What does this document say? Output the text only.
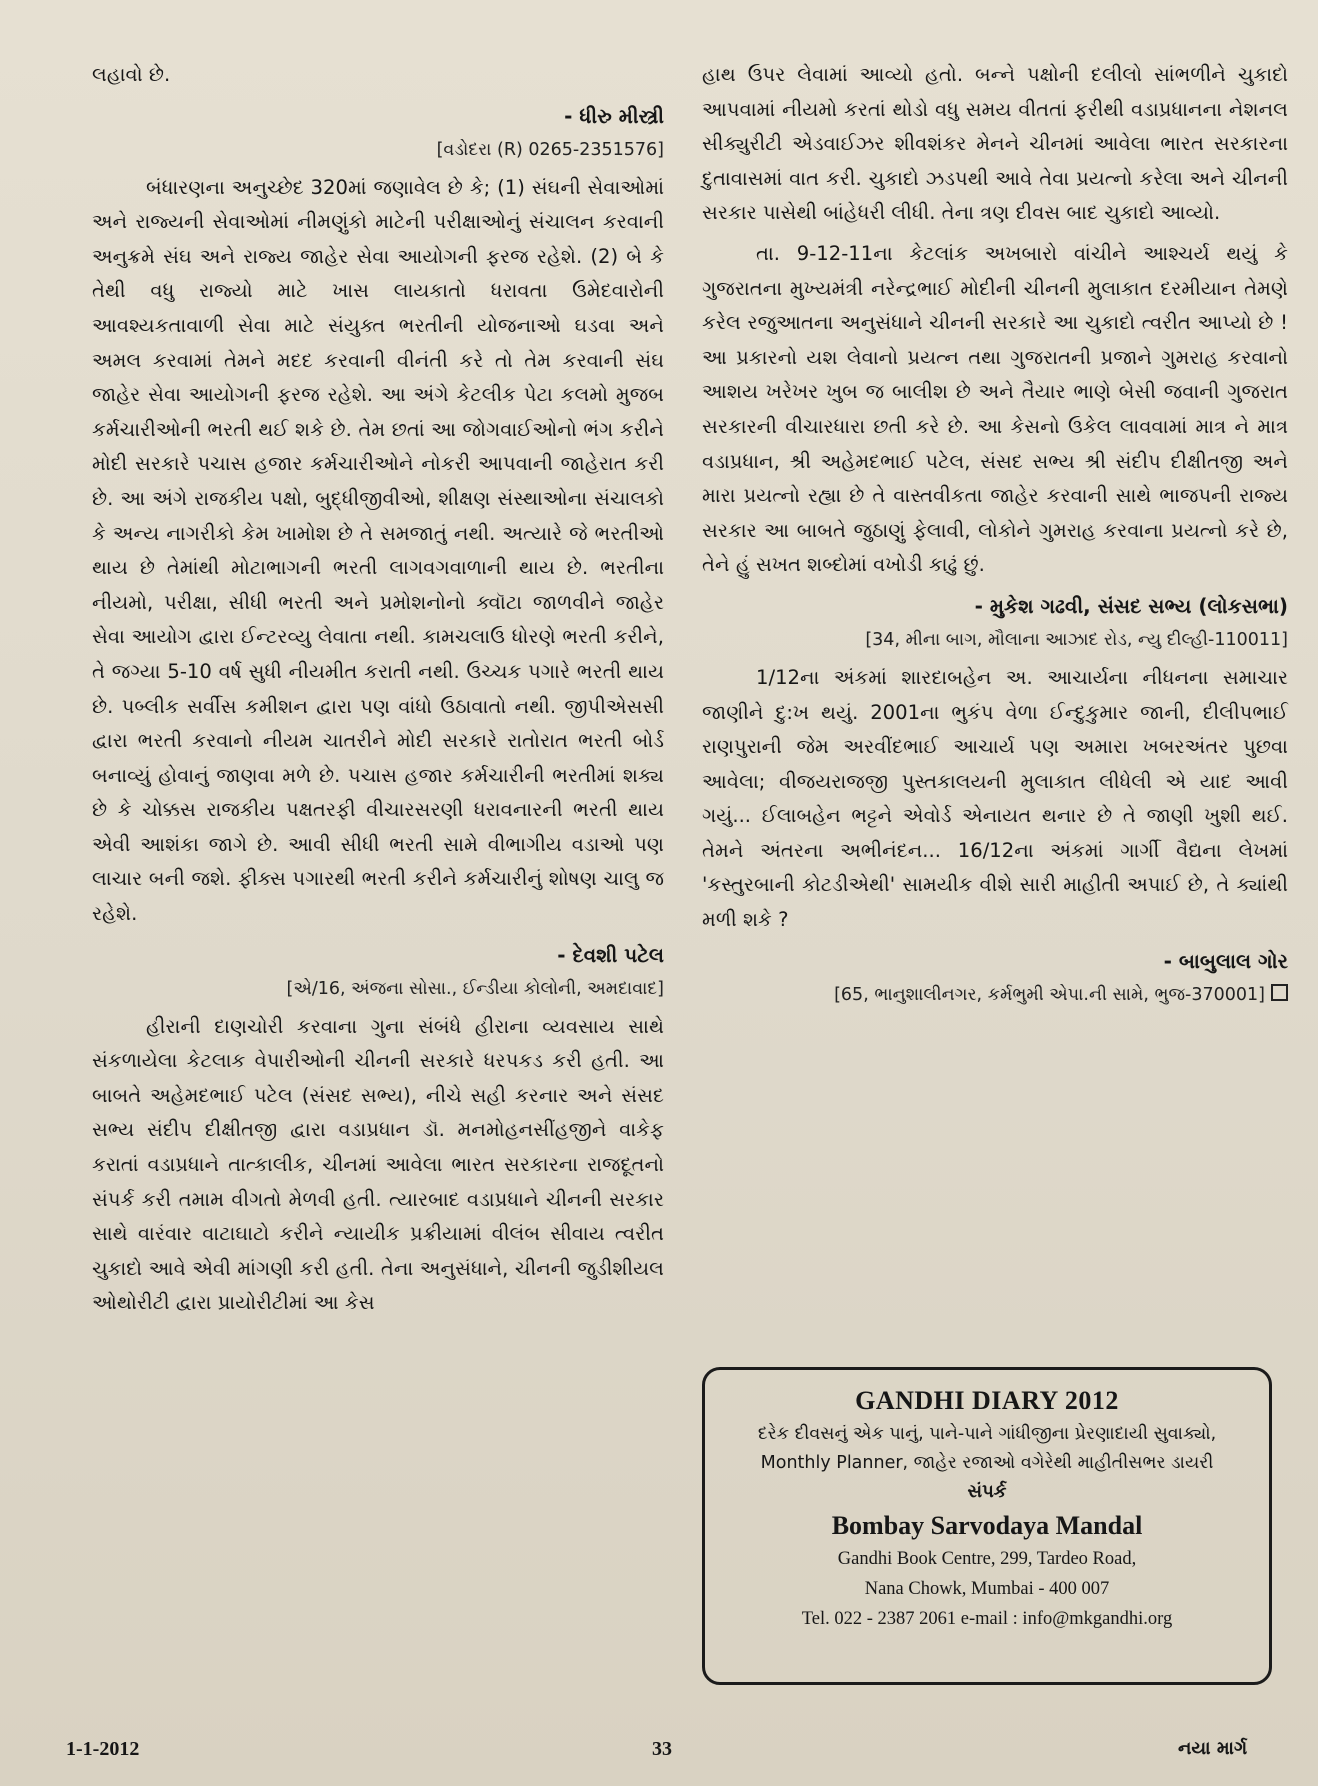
લહાવો છે.

- ધીરુ મીસ્ત્રી
[વડોદરા (R) 0265-2351576]

બંધારણના અનુચ્છેદ 320માં જણાવેલ છે કે; (1) સંઘની સેવાઓમાં અને રાજ્યની સેવાઓમાં નીમણુંકો માટેની પરીક્ષાઓનું સંચાલન કરવાની અનુક્રમે સંઘ અને રાજ્ય જાહેર સેવા આયોગની ફરજ રહેશે. (2) બે કે તેથી વધુ રાજ્યો માટે ખાસ લાયકાતો ધરાવતા ઉમેદવારોની આવશ્યકતાવાળી સેવા માટે સંયુક્ત ભરતીની યોજનાઓ ઘડવા અને અમલ કરવામાં તેમને મદદ કરવાની વીનંતી કરે તો તેમ કરવાની સંઘ જાહેર સેવા આયોગની ફરજ રહેશે. આ અંગે કેટલીક પેટા કલમો મુજબ કર્મચારીઓની ભરતી થઈ શકે છે. તેમ છતાં આ જોગવાઈઓનો ભંગ કરીને મોદી સરકારે પચાસ હજાર કર્મચારીઓને નોકરી આપવાની જાહેરાત કરી છે. આ અંગે રાજકીય પક્ષો, બુદ્ધીજીવીઓ, શીક્ષણ સંસ્થાઓના સંચાલકો કે અન્ય નાગરીકો કેમ ખામોશ છે તે સમજાતું નથી. અત્યારે જે ભરતીઓ થાય છે તેમાંથી મોટાભાગની ભરતી લાગવગવાળાની થાય છે. ભરતીના નીયમો, પરીક્ષા, સીધી ભરતી અને પ્રમોશનોનો ક્વૉટા જાળવીને જાહેર સેવા આયોગ દ્વારા ઈન્ટરવ્યુ લેવાતા નથી. કામચલાઉ ધોરણે ભરતી કરીને, તે જગ્યા 5-10 વર્ષ સુધી નીયમીત કરાતી નથી. ઉચ્ચક પગારે ભરતી થાય છે. પબ્લીક સર્વીસ કમીશન દ્વારા પણ વાંધો ઉઠાવાતો નથી. જીપીએસસી દ્વારા ભરતી કરવાનો નીયમ ચાતરીને મોદી સરકારે રાતોરાત ભરતી બોર્ડ બનાવ્યું હોવાનું જાણવા મળે છે. પચાસ હજાર કર્મચારીની ભરતીમાં શક્ય છે કે ચોક્કસ રાજકીય પક્ષતરફી વીચારસરણી ધરાવનારની ભરતી થાય એવી આશંકા જાગે છે. આવી સીધી ભરતી સામે વીભાગીય વડાઓ પણ લાચાર બની જશે. ફીક્સ પગારથી ભરતી કરીને કર્મચારીનું શોષણ ચાલુ જ રહેશે.

- દેવશી પટેલ
[એ/16, અંજના સોસા., ઈન્ડીયા કોલોની, અમદાવાદ]

હીરાની દાણચોરી કરવાના ગુના સંબંધે હીરાના વ્યવસાય સાથે સંકળાયેલા કેટલાક વેપારીઓની ચીનની સરકારે ધરપકડ કરી હતી. આ બાબતે અહેમદભાઈ પટેલ (સંસદ સભ્ય), નીચે સહી કરનાર અને સંસદ સભ્ય સંદીપ દીક્ષીતજી દ્વારા વડાપ્રધાન ડૉ. મનમોહનસીંહજીને વાકેફ કરાતાં વડાપ્રધાને તાત્કાલીક, ચીનમાં આવેલા ભારત સરકારના રાજદૂતનો સંપર્ક કરી તમામ વીગતો મેળવી હતી. ત્યારબાદ વડાપ્રધાને ચીનની સરકાર સાથે વારંવાર વાટાઘાટો કરીને ન્યાયીક પ્રક્રીયામાં વીલંબ સીવાય ત્વરીત ચુકાદો આવે એવી માંગણી કરી હતી. તેના અનુસંધાને, ચીનની જુડીશીયલ ઓથોરીટી દ્વારા પ્રાયોરીટીમાં આ કેસ

હાથ ઉપર લેવામાં આવ્યો હતો. બન્ને પક્ષોની દલીલો સાંભળીને ચુકાદો આપવામાં નીયમો કરતાં થોડો વધુ સમય વીતતાં ફરીથી વડાપ્રધાનના નેશનલ સીક્યુરીટી એડવાઈઝર શીવશંકર મેનને ચીનમાં આવેલા ભારત સરકારના દુતાવાસમાં વાત કરી. ચુકાદો ઝડપથી આવે તેવા પ્રયત્નો કરેલા અને ચીનની સરકાર પાસેથી બાંહેધરી લીધી. તેના ત્રણ દીવસ બાદ ચુકાદો આવ્યો.

તા. 9-12-11ના કેટલાંક અખબારો વાંચીને આશ્ચર્ય થયું કે ગુજરાતના મુખ્યમંત્રી નરેન્દ્રભાઈ મોદીની ચીનની મુલાકાત દરમીયાન તેમણે કરેલ રજુઆતના અનુસંધાને ચીનની સરકારે આ ચુકાદો ત્વરીત આપ્યો છે ! આ પ્રકારનો યશ લેવાનો પ્રયત્ન તથા ગુજરાતની પ્રજાને ગુમરાહ કરવાનો આશય ખરેખર ખુબ જ બાલીશ છે અને તૈયાર ભાણે બેસી જવાની ગુજરાત સરકારની વીચારધારા છતી કરે છે. આ કેસનો ઉકેલ લાવવામાં માત્ર ને માત્ર વડાપ્રધાન, શ્રી અહેમદભાઈ પટેલ, સંસદ સભ્ય શ્રી સંદીપ દીક્ષીતજી અને મારા પ્રયત્નો રહ્યા છે તે વાસ્તવીકતા જાહેર કરવાની સાથે ભાજપની રાજ્ય સરકાર આ બાબતે જુઠાણું ફેલાવી, લોકોને ગુમરાહ કરવાના પ્રયત્નો કરે છે, તેને હું સખત શબ્દોમાં વખોડી કાઢું છું.

- મુકેશ ગઢવી, સંસદ સભ્ય (લોકસભા)
[34, મીના બાગ, મૌલાના આઝાદ રોડ, ન્યુ દીલ્હી-110011]

1/12ના અંકમાં શારદાબહેન અ. આચાર્યના નીધનના સમાચાર જાણીને દુ:ખ થયું. 2001ના ભુકંપ વેળા ઈન્દુકુમાર જાની, દીલીપભાઈ રાણપુરાની જેમ અરવીંદભાઈ આચાર્ય પણ અમારા ખબરઅંતર પુછવા આવેલા; વીજયરાજજી પુસ્તકાલયની મુલાકાત લીધેલી એ યાદ આવી ગયું... ઈલાબહેન ભટ્ટને એવોર્ડ એનાયત થનાર છે તે જાણી ખુશી થઈ. તેમને અંતરના અભીનંદન... 16/12ના અંકમાં ગાર્ગી વૈદ્યના લેખમાં 'કસ્તુરબાની કોટડીએથી' સામયીક વીશે સારી માહીતી અપાઈ છે, તે ક્યાંથી મળી શકે ?

- બાબુલાલ ગોર
[65, ભાનુશાલીનગર, કર્મભુમી એપા.ની સામે, ભુજ-370001]
GANDHI DIARY 2012
દરેક દીવસનું એક પાનું, પાને-પાને ગાંધીજીના પ્રેરણાદાયી સુવાક્યો, Monthly Planner, જાહેર રજાઓ વગેરેથી માહીતીસભર ડાયરી
સંપર્ક
Bombay Sarvodaya Mandal
Gandhi Book Centre, 299, Tardeo Road,
Nana Chowk, Mumbai - 400 007
Tel. 022 - 2387 2061 e-mail : info@mkgandhi.org
1-1-2012	33	નયા માર્ગ
